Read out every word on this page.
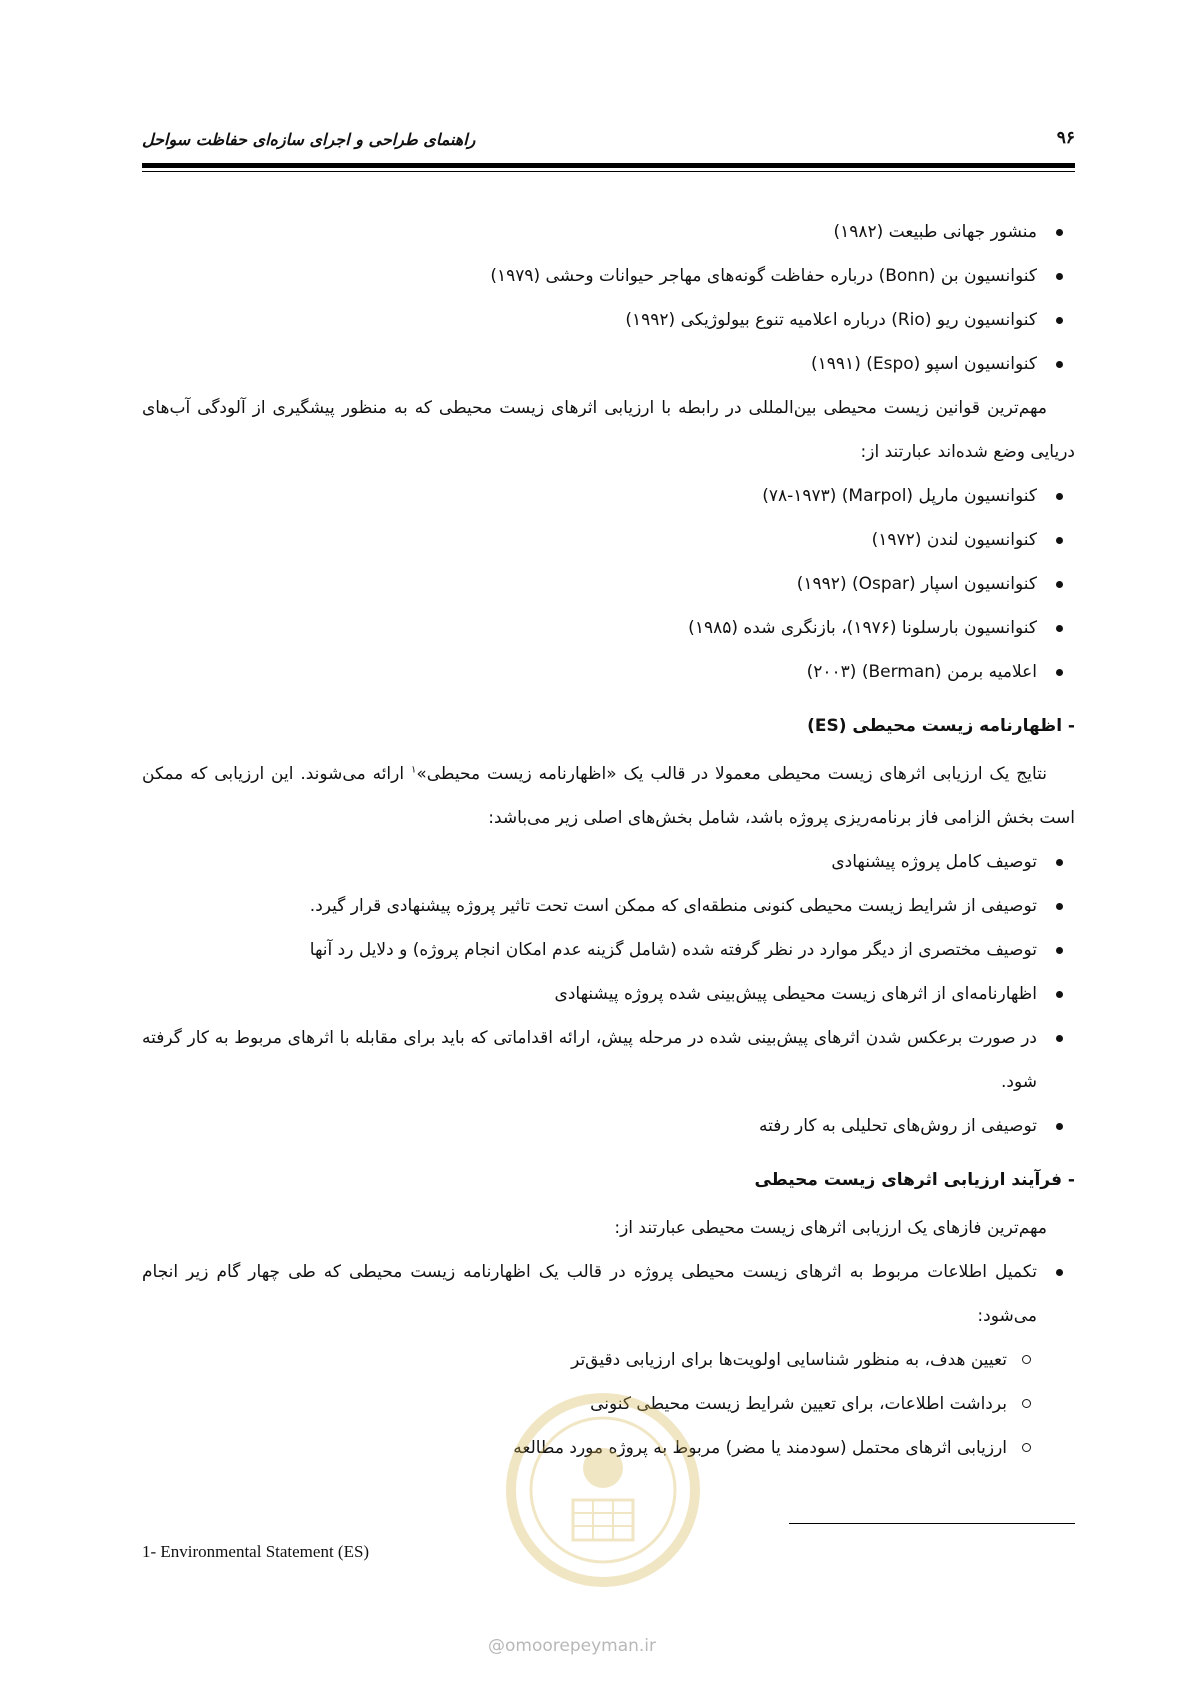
راهنمای طراحی و اجرای سازه‌ای حفاظت سواحل	۹۶
منشور جهانی طبیعت (۱۹۸۲)
کنوانسیون بن (Bonn) درباره حفاظت گونه‌های مهاجر حیوانات وحشی (۱۹۷۹)
کنوانسیون ریو (Rio) درباره اعلامیه تنوع بیولوژیکی (۱۹۹۲)
کنوانسیون اسپو (Espo) (۱۹۹۱)

مهم‌ترین قوانین زیست محیطی بین‌المللی در رابطه با ارزیابی اثرهای زیست محیطی که به منظور پیشگیری از آلودگی آب‌های دریایی وضع شده‌اند عبارتند از:

کنوانسیون مارپل (Marpol) (۷۸-۱۹۷۳)
کنوانسیون لندن (۱۹۷۲)
کنوانسیون اسپار (Ospar) (۱۹۹۲)
کنوانسیون بارسلونا (۱۹۷۶)، بازنگری شده (۱۹۸۵)
اعلامیه برمن (Berman) (۲۰۰۳)
- اظهارنامه زیست محیطی (ES)

نتایج یک ارزیابی اثرهای زیست محیطی معمولا در قالب یک «اظهارنامه زیست محیطی»$^۱$ ارائه می‌شوند. این ارزیابی که ممکن است بخش الزامی فاز برنامه‌ریزی پروژه باشد، شامل بخش‌های اصلی زیر می‌باشد:

توصیف کامل پروژه پیشنهادی
توصیفی از شرایط زیست محیطی کنونی منطقه‌ای که ممکن است تحت تاثیر پروژه پیشنهادی قرار گیرد.
توصیف مختصری از دیگر موارد در نظر گرفته شده (شامل گزینه عدم امکان انجام پروژه) و دلایل رد آنها
اظهارنامه‌ای از اثرهای زیست محیطی پیش‌بینی شده پروژه پیشنهادی
در صورت برعکس شدن اثرهای پیش‌بینی شده در مرحله پیش، ارائه اقداماتی که باید برای مقابله با اثرهای مربوط به کار گرفته شود.
توصیفی از روش‌های تحلیلی به کار رفته
- فرآیند ارزیابی اثرهای زیست محیطی

مهم‌ترین فازهای یک ارزیابی اثرهای زیست محیطی عبارتند از:

تکمیل اطلاعات مربوط به اثرهای زیست محیطی پروژه در قالب یک اظهارنامه زیست محیطی که طی چهار گام زیر انجام می‌شود:
تعیین هدف، به منظور شناسایی اولویت‌ها برای ارزیابی دقیق‌تر
برداشت اطلاعات، برای تعیین شرایط زیست محیطی کنونی
ارزیابی اثرهای محتمل (سودمند یا مضر) مربوط به پروژه مورد مطالعه
1- Environmental Statement (ES)
@omoorepeyman.ir
